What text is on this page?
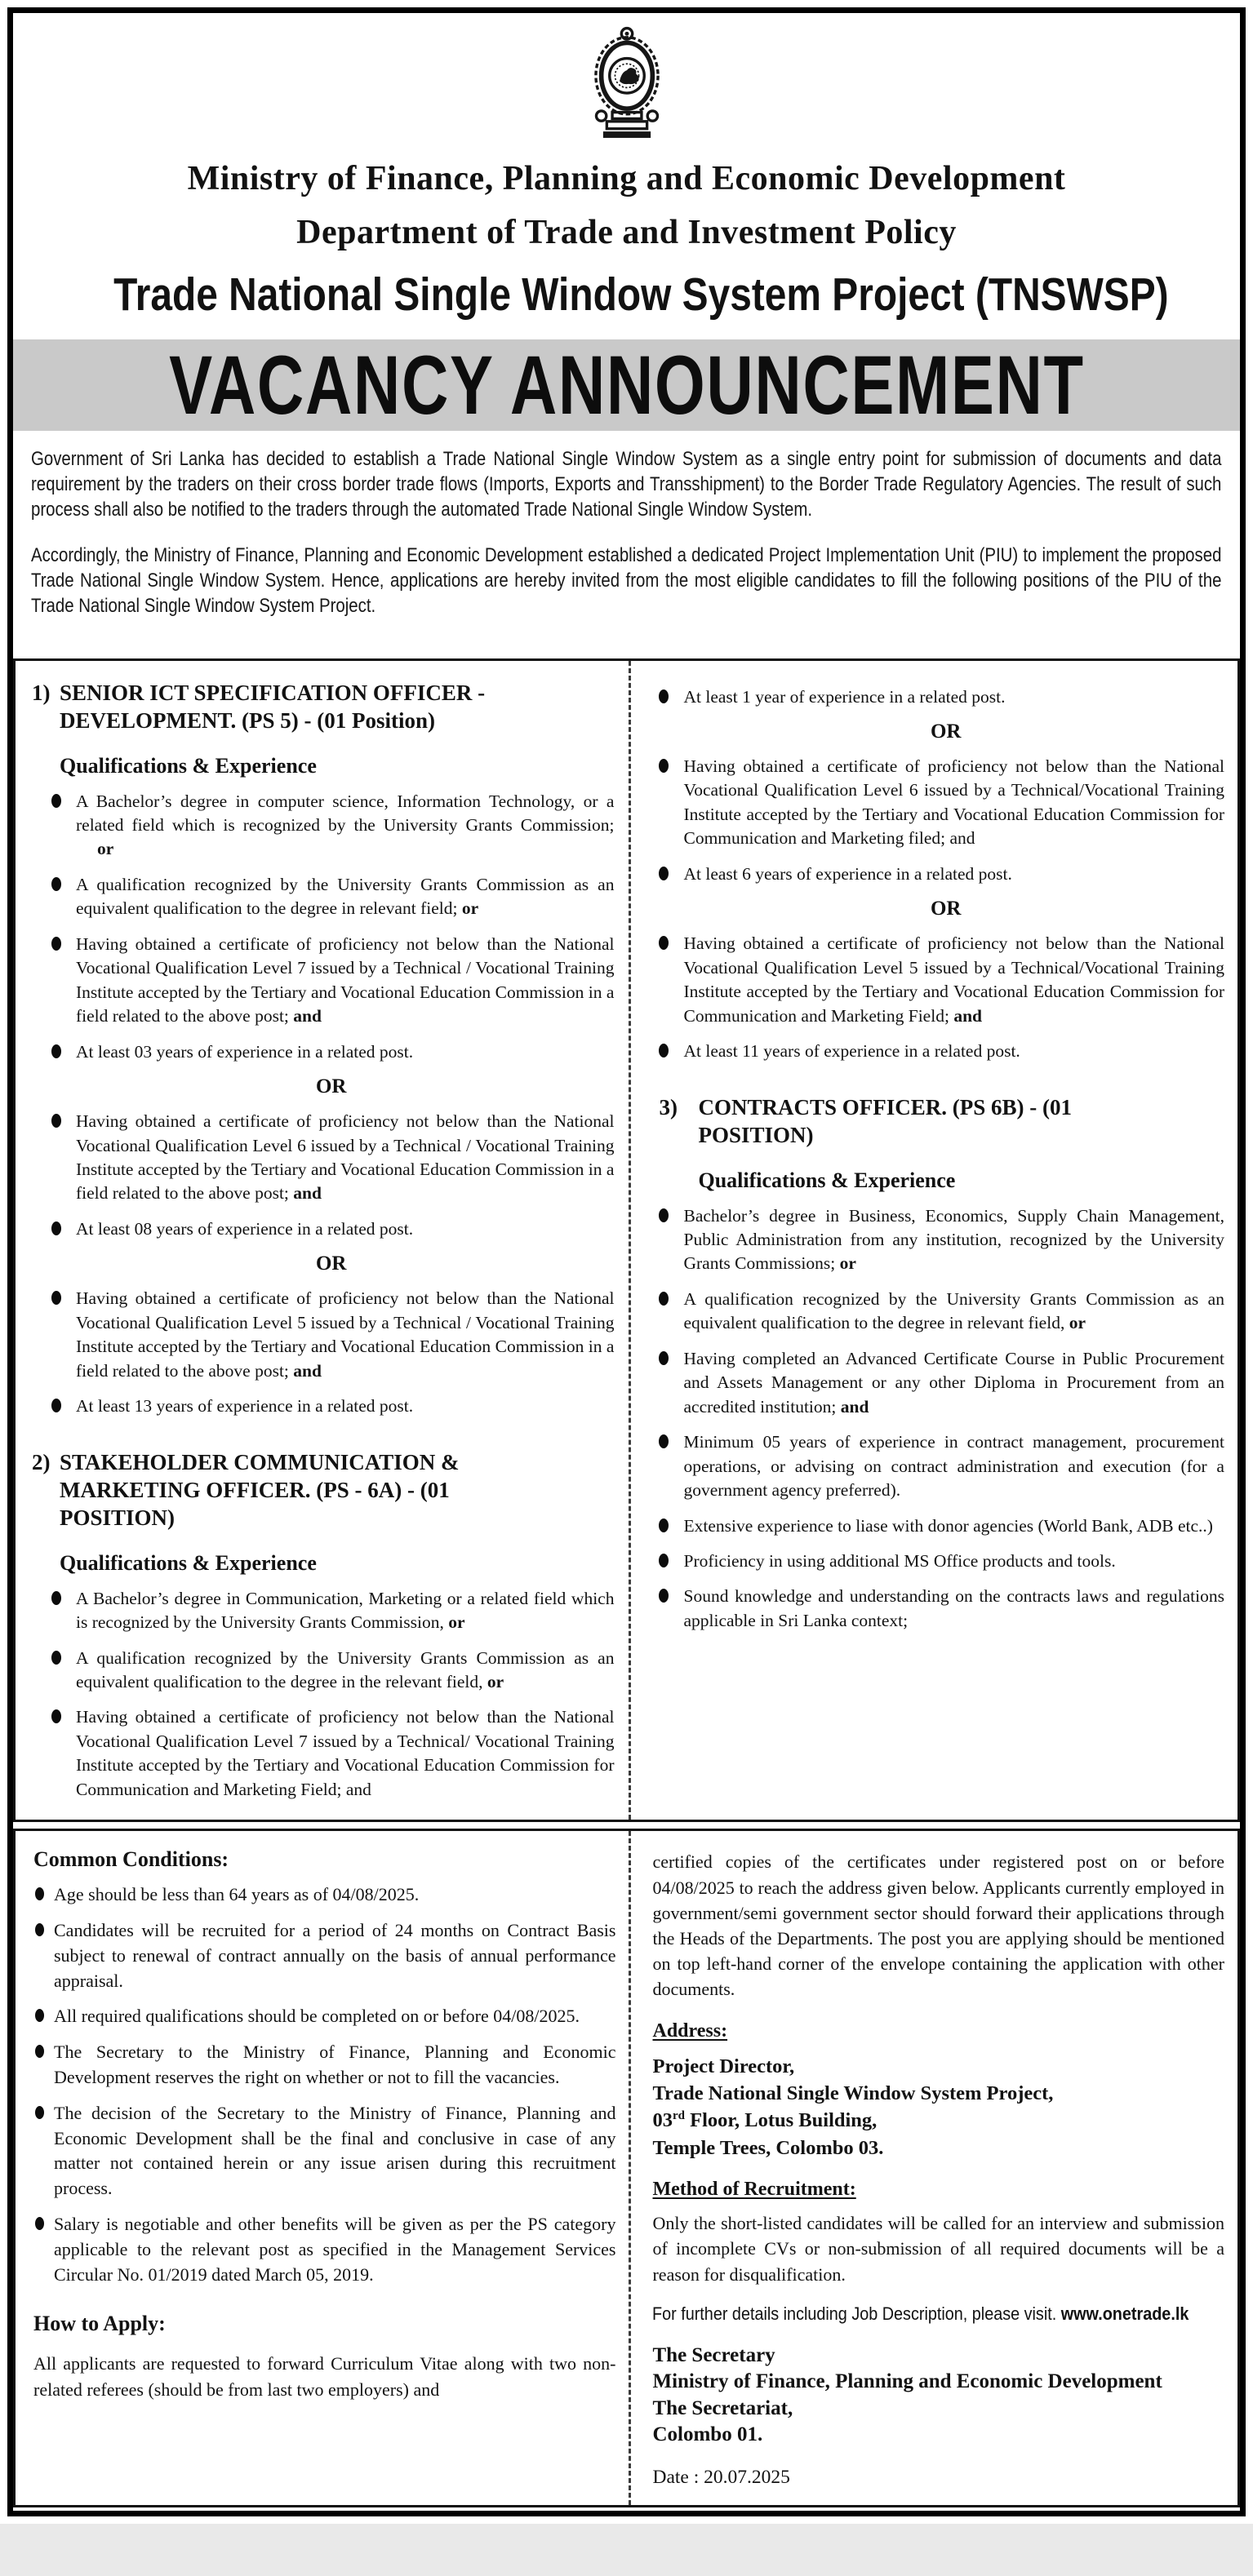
Ministry of Finance, Planning and Economic Development
Department of Trade and Investment Policy
Trade National Single Window System Project (TNSWSP)
VACANCY ANNOUNCEMENT

Government of Sri Lanka has decided to establish a Trade National Single Window System as a single entry point for submission of documents and data requirement by the traders on their cross border trade flows (Imports, Exports and Transshipment) to the Border Trade Regulatory Agencies. The result of such process shall also be notified to the traders through the automated Trade National Single Window System.

Accordingly, the Ministry of Finance, Planning and Economic Development established a dedicated Project Implementation Unit (PIU) to implement the proposed Trade National Single Window System. Hence, applications are hereby invited from the most eligible candidates to fill the following positions of the PIU of the Trade National Single Window System Project.

1) SENIOR ICT SPECIFICATION OFFICER - DEVELOPMENT. (PS 5) - (01 Position)
Qualifications & Experience

A Bachelor’s degree in computer science, Information Technology, or a related field which is recognized by the University Grants Commission; or

A qualification recognized by the University Grants Commission as an equivalent qualification to the degree in relevant field; or

Having obtained a certificate of proficiency not below than the National Vocational Qualification Level 7 issued by a Technical / Vocational Training Institute accepted by the Tertiary and Vocational Education Commission in a field related to the above post; and

At least 03 years of experience in a related post.

OR

Having obtained a certificate of proficiency not below than the National Vocational Qualification Level 6 issued by a Technical / Vocational Training Institute accepted by the Tertiary and Vocational Education Commission in a field related to the above post; and

At least 08 years of experience in a related post.

OR

Having obtained a certificate of proficiency not below than the National Vocational Qualification Level 5 issued by a Technical / Vocational Training Institute accepted by the Tertiary and Vocational Education Commission in a field related to the above post; and

At least 13 years of experience in a related post.

2) STAKEHOLDER COMMUNICATION & MARKETING OFFICER. (PS - 6A) - (01 POSITION)
Qualifications & Experience

A Bachelor’s degree in Communication, Marketing or a related field which is recognized by the University Grants Commission, or

A qualification recognized by the University Grants Commission as an equivalent qualification to the degree in the relevant field, or

Having obtained a certificate of proficiency not below than the National Vocational Qualification Level 7 issued by a Technical/ Vocational Training Institute accepted by the Tertiary and Vocational Education Commission for Communication and Marketing Field; and

At least 1 year of experience in a related post.

OR

Having obtained a certificate of proficiency not below than the National Vocational Qualification Level 6 issued by a Technical/Vocational Training Institute accepted by the Tertiary and Vocational Education Commission for Communication and Marketing filed; and

At least 6 years of experience in a related post.

OR

Having obtained a certificate of proficiency not below than the National Vocational Qualification Level 5 issued by a Technical/Vocational Training Institute accepted by the Tertiary and Vocational Education Commission for Communication and Marketing Field; and

At least 11 years of experience in a related post.

3) CONTRACTS OFFICER. (PS 6B) - (01 POSITION)
Qualifications & Experience

Bachelor’s degree in Business, Economics, Supply Chain Management, Public Administration from any institution, recognized by the University Grants Commissions; or

A qualification recognized by the University Grants Commission as an equivalent qualification to the degree in relevant field, or

Having completed an Advanced Certificate Course in Public Procurement and Assets Management or any other Diploma in Procurement from an accredited institution; and

Minimum 05 years of experience in contract management, procurement operations, or advising on contract administration and execution (for a government agency preferred).

Extensive experience to liase with donor agencies (World Bank, ADB etc..)

Proficiency in using additional MS Office products and tools.

Sound knowledge and understanding on the contracts laws and regulations applicable in Sri Lanka context;

Common Conditions:

Age should be less than 64 years as of 04/08/2025.

Candidates will be recruited for a period of 24 months on Contract Basis subject to renewal of contract annually on the basis of annual performance appraisal.

All required qualifications should be completed on or before 04/08/2025.

The Secretary to the Ministry of Finance, Planning and Economic Development reserves the right on whether or not to fill the vacancies.

The decision of the Secretary to the Ministry of Finance, Planning and Economic Development shall be the final and conclusive in case of any matter not contained herein or any issue arisen during this recruitment process.

Salary is negotiable and other benefits will be given as per the PS category applicable to the relevant post as specified in the Management Services Circular No. 01/2019 dated March 05, 2019.

How to Apply:

All applicants are requested to forward Curriculum Vitae along with two non-related referees (should be from last two employers) and

certified copies of the certificates under registered post on or before 04/08/2025 to reach the address given below. Applicants currently employed in government/semi government sector should forward their applications through the Heads of the Departments. The post you are applying should be mentioned on top left-hand corner of the envelope containing the application with other documents.

Address:

Project Director,

Trade National Single Window System Project,

03rd Floor, Lotus Building,

Temple Trees, Colombo 03.

Method of Recruitment:

Only the short-listed candidates will be called for an interview and submission of incomplete CVs or non-submission of all required documents will be a reason for disqualification.

For further details including Job Description, please visit. www.onetrade.lk

The Secretary

Ministry of Finance, Planning and Economic Development

The Secretariat,

Colombo 01.

Date : 20.07.2025
